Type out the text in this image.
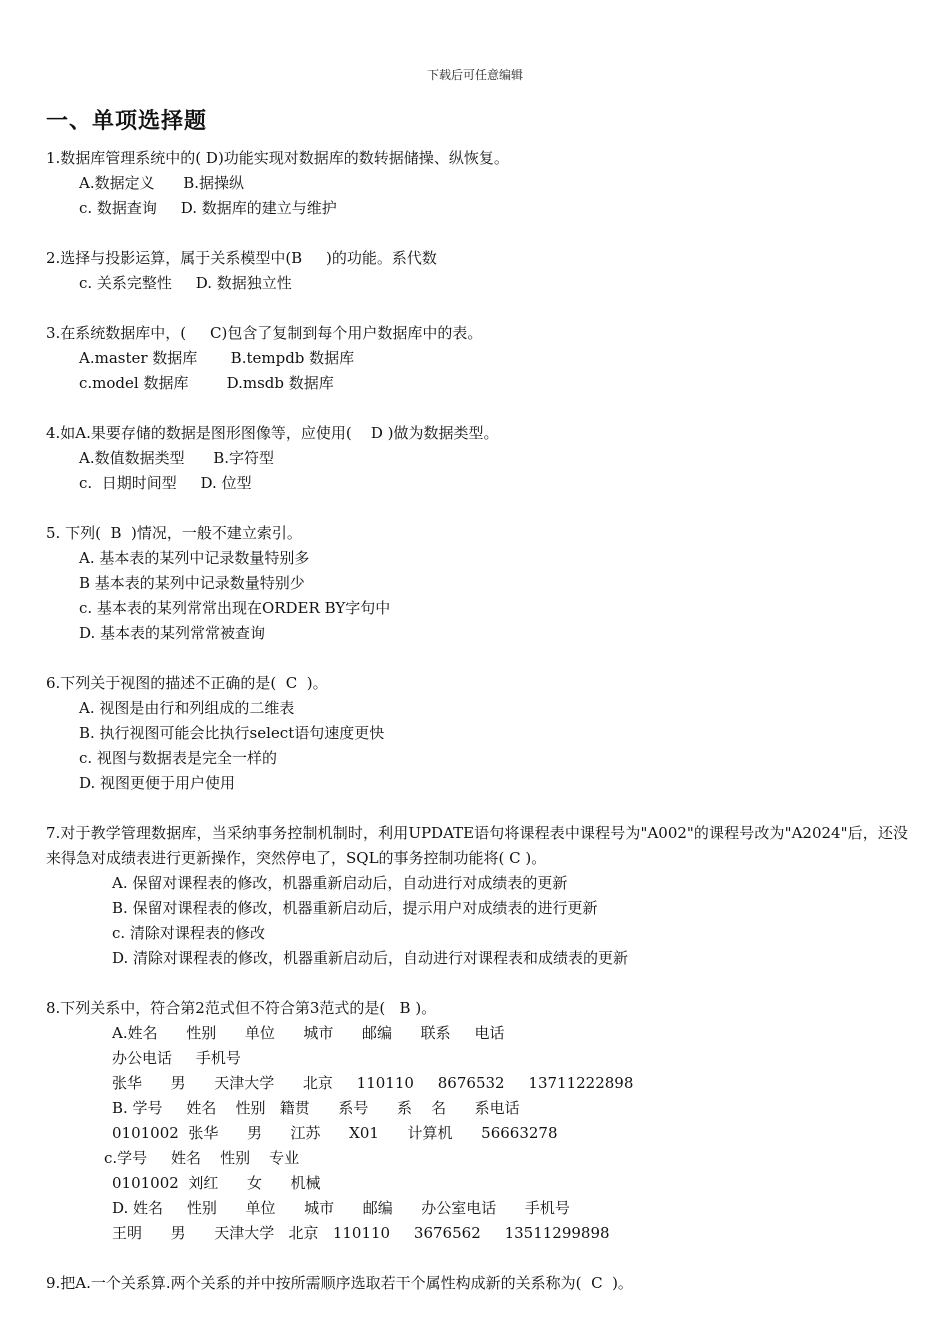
下载后可任意编辑
一、单项选择题

1.数据库管理系统中的( D)功能实现对数据库的数转据储操、纵恢复。

A.数据定义      B.据操纵

c. 数据查询     D. 数据库的建立与维护

2.选择与投影运算，属于关系模型中(B     )的功能。系代数

c. 关系完整性     D. 数据独立性

3.在系统数据库中，(     C)包含了复制到每个用户数据库中的表。

A.master 数据库       B.tempdb 数据库

c.model 数据库        D.msdb 数据库

4.如A.果要存储的数据是图形图像等，应使用(    D )做为数据类型。

A.数值数据类型      B.字符型

c.  日期时间型     D. 位型

5. 下列(  B  )情况，一般不建立索引。

A. 基本表的某列中记录数量特别多

B 基本表的某列中记录数量特别少

c. 基本表的某列常常出现在ORDER BY字句中

D. 基本表的某列常常被查询

6.下列关于视图的描述不正确的是(  C  )。

A. 视图是由行和列组成的二维表

B. 执行视图可能会比执行select语句速度更快

c. 视图与数据表是完全一样的

D. 视图更便于用户使用

7.对于教学管理数据库，当采纳事务控制机制时，利用UPDATE语句将课程表中课程号为"A002"的课程号改为"A2024"后，还没来得急对成绩表进行更新操作，突然停电了，SQL的事务控制功能将( C )。

A. 保留对课程表的修改，机器重新启动后，自动进行对成绩表的更新

B. 保留对课程表的修改，机器重新启动后，提示用户对成绩表的进行更新

c. 清除对课程表的修改

D. 清除对课程表的修改，机器重新启动后，自动进行对课程表和成绩表的更新

8.下列关系中，符合第2范式但不符合第3范式的是(   B )。

A.姓名      性别      单位      城市      邮编      联系     电话

办公电话     手机号

张华      男      天津大学      北京     110110     8676532     13711222898

B. 学号     姓名    性别   籍贯      系号      系    名      系电话

0101002  张华      男      江苏      X01      计算机      56663278

c.学号     姓名    性别    专业

0101002  刘红      女      机械

D. 姓名     性别      单位      城市      邮编      办公室电话      手机号

王明      男      天津大学   北京   110110     3676562     13511299898

9.把A.一个关系算.两个关系的并中按所需顺序选取若干个属性构成新的关系称为(  C  )。
